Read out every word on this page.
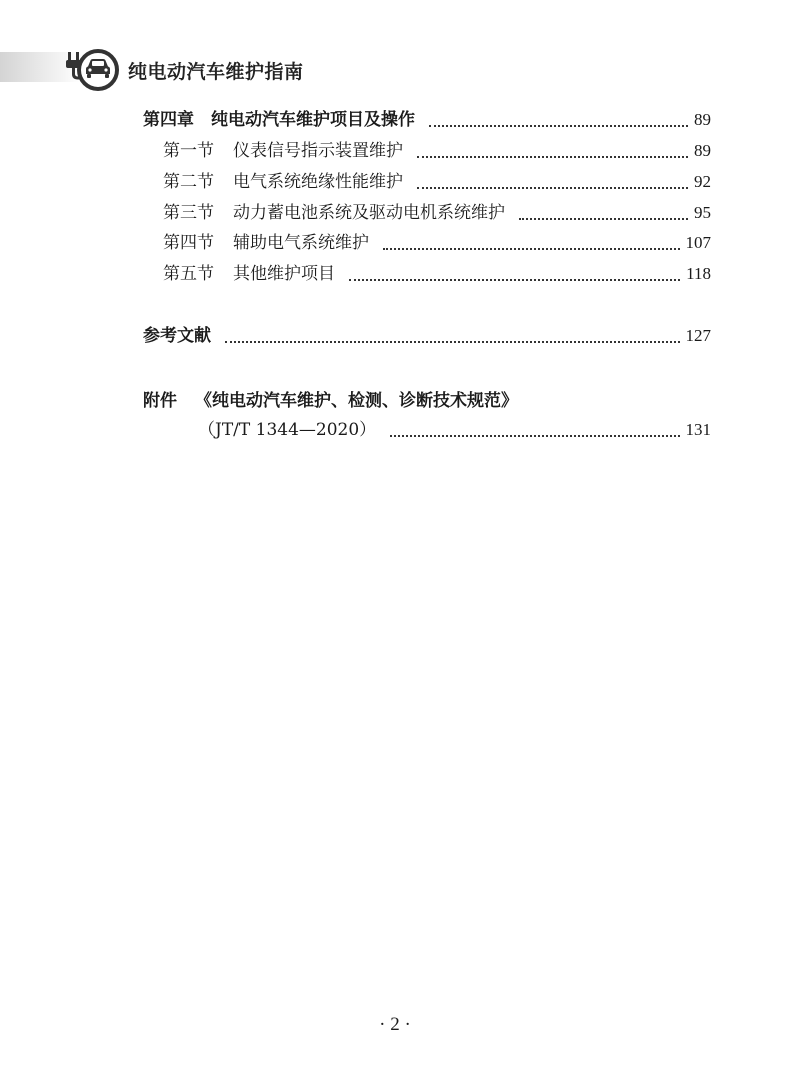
纯电动汽车维护指南
第四章　纯电动汽车维护项目及操作	89
第一节 仪表信号指示装置维护	89
第二节 电气系统绝缘性能维护	92
第三节 动力蓄电池系统及驱动电机系统维护	95
第四节 辅助电气系统维护	107
第五节 其他维护项目	118
参考文献	127
附件 《纯电动汽车维护、检测、诊断技术规范》
（JT/T 1344—2020）	131
· 2 ·
